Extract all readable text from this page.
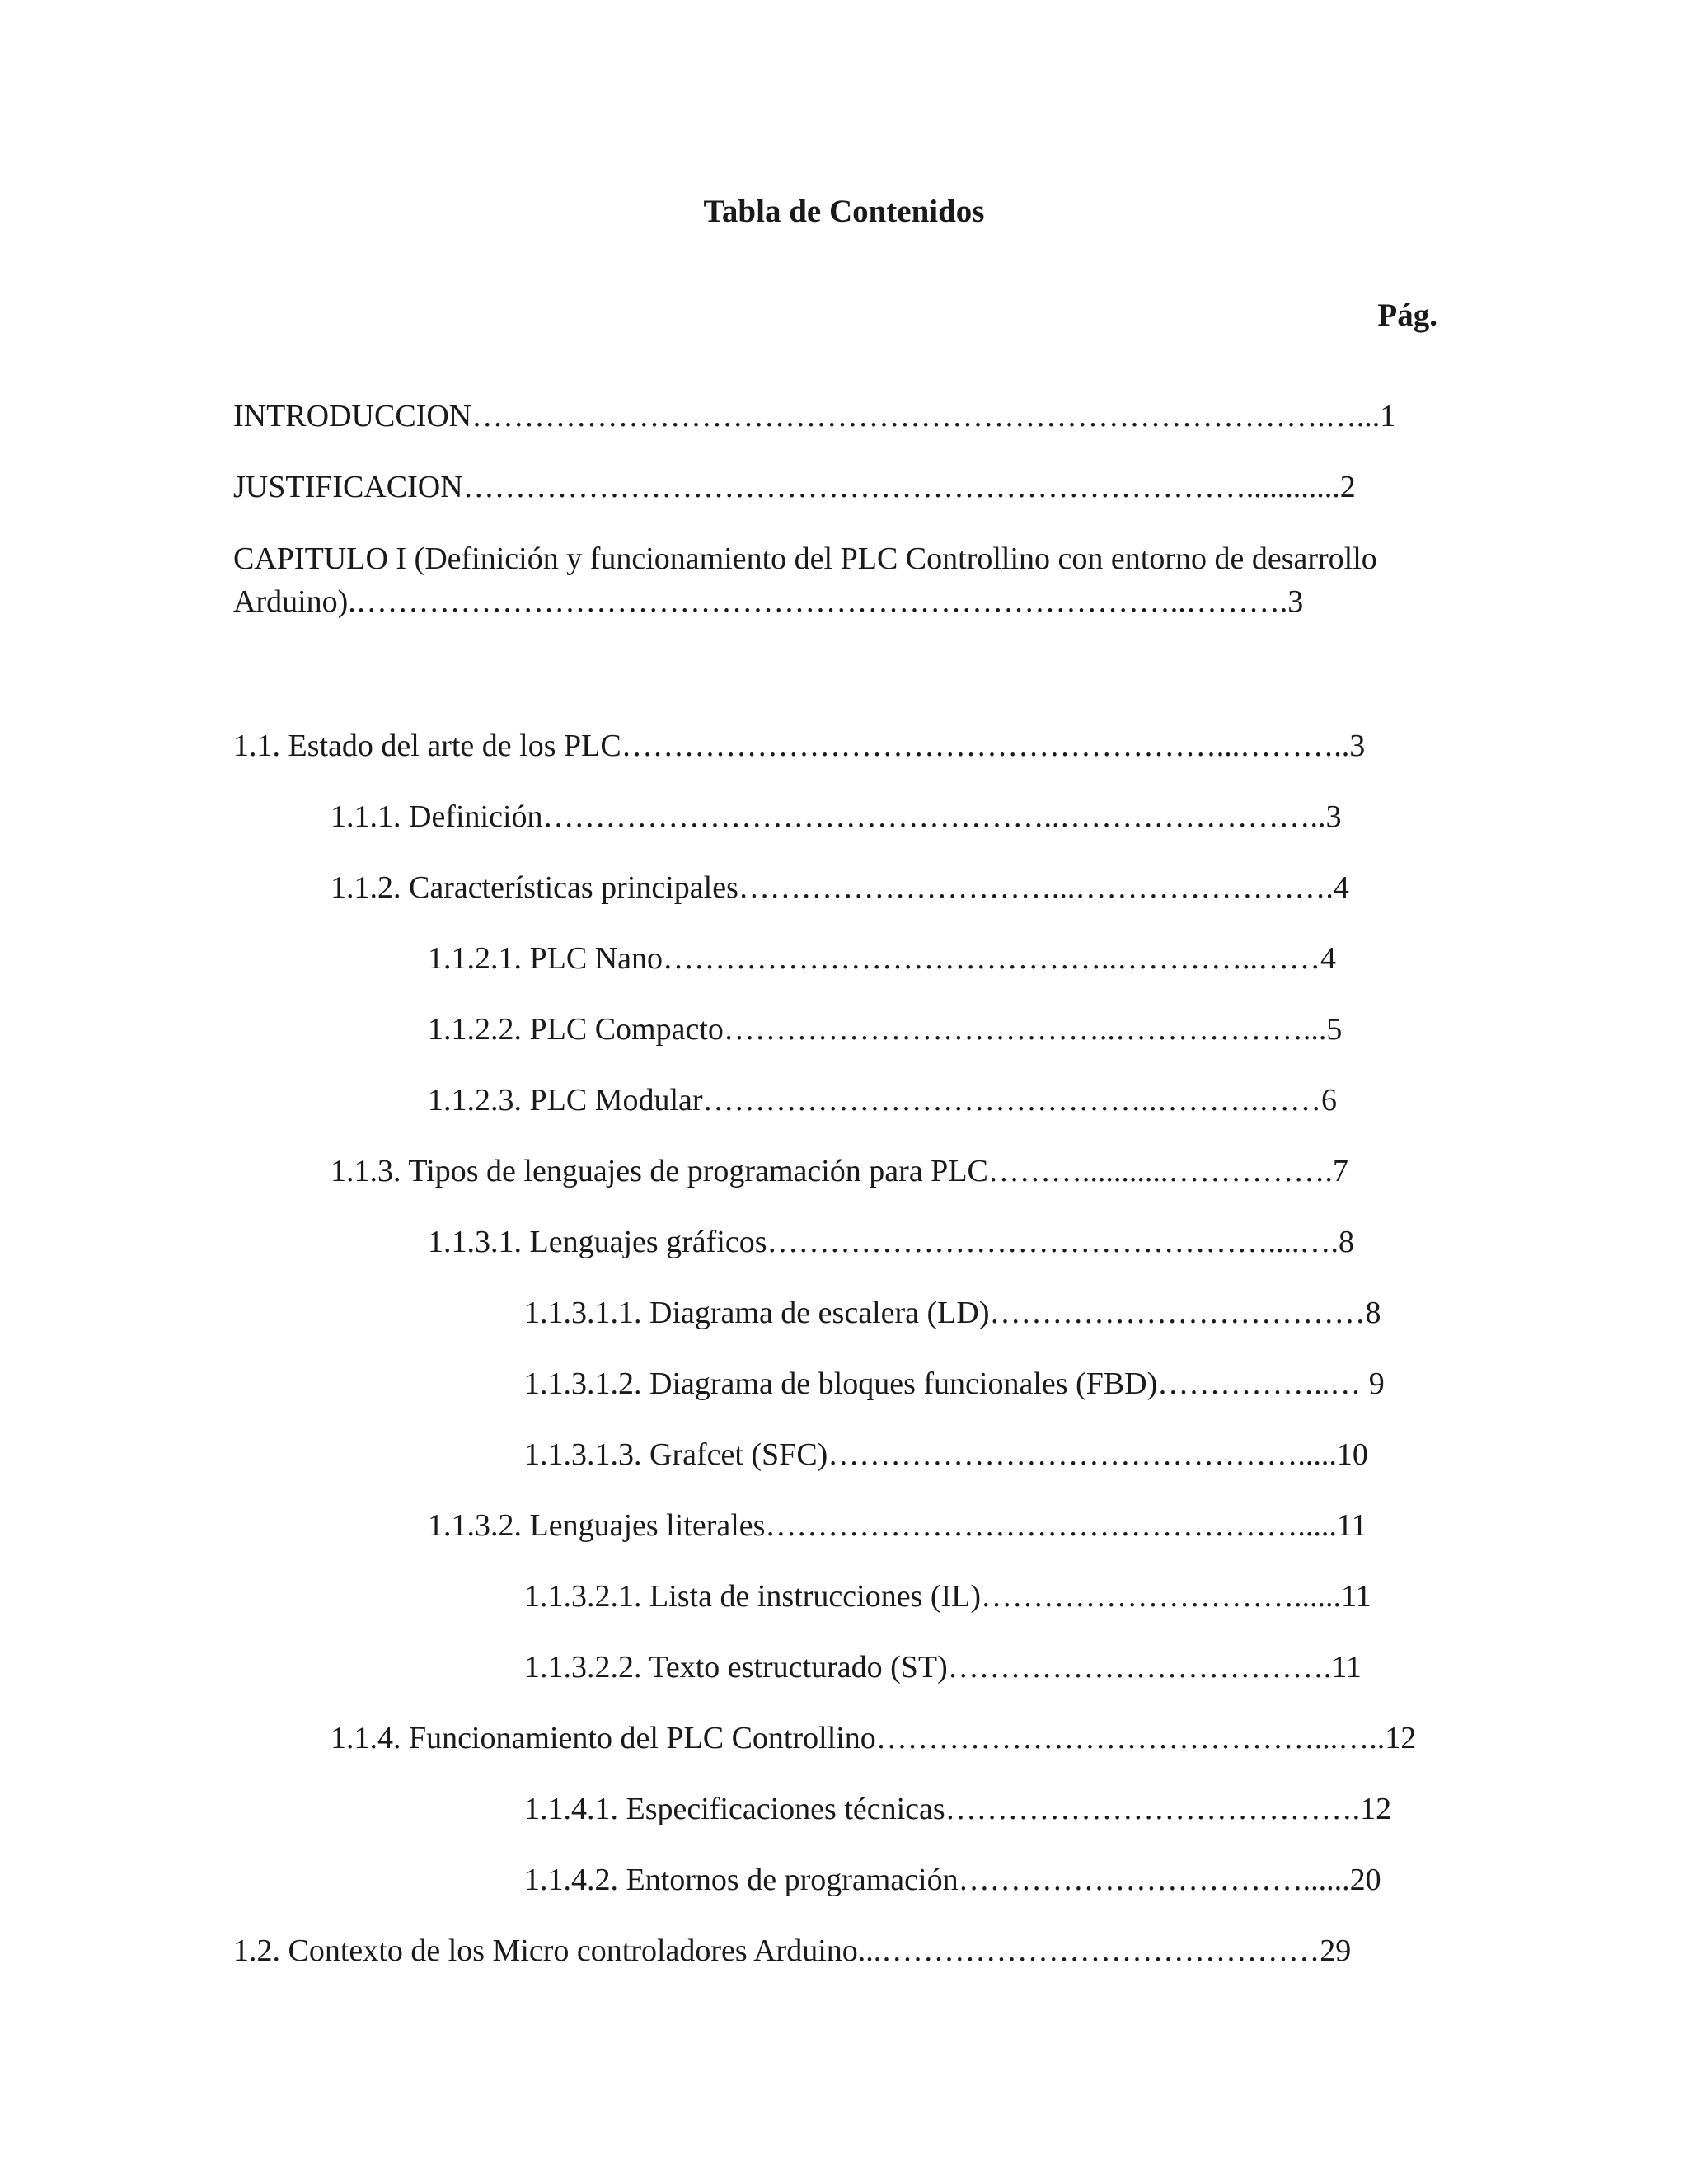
Tabla de Contenidos
Pág.
INTRODUCCION……………………………………………………………………….…...1
JUSTIFICACION…………………………………………………………………............2
CAPITULO I (Definición y funcionamiento del PLC Controllino con entorno de desarrollo
Arduino).……………………………………………………………………..……….3
1.1. Estado del arte de los PLC…………………………………………………...………..3
1.1.1. Definición…………………………………………..……………………..3
1.1.2. Características principales…………………………...…………………….4
1.1.2.1. PLC Nano……………………………………..…………..……4
1.1.2.2. PLC Compacto………………………………..………………...5
1.1.2.3. PLC Modular……………………………………..……….……6
1.1.3. Tipos de lenguajes de programación para PLC………...........…………….7
1.1.3.1. Lenguajes gráficos…………………………………………....….8
1.1.3.1.1. Diagrama de escalera (LD)………………………………8
1.1.3.1.2. Diagrama de bloques funcionales (FBD)……………..… 9
1.1.3.1.3. Grafcet (SFC)……………………………………….....10
1.1.3.2. Lenguajes literales…………………………………………….....11
1.1.3.2.1. Lista de instrucciones (IL)…………………………......11
1.1.3.2.2. Texto estructurado (ST)……………………………….11
1.1.4. Funcionamiento del PLC Controllino……………………………………...…..12
1.1.4.1. Especificaciones técnicas………………………………….12
1.1.4.2. Entornos de programación……………………………......20
1.2. Contexto de los Micro controladores Arduino...……………………………………29
